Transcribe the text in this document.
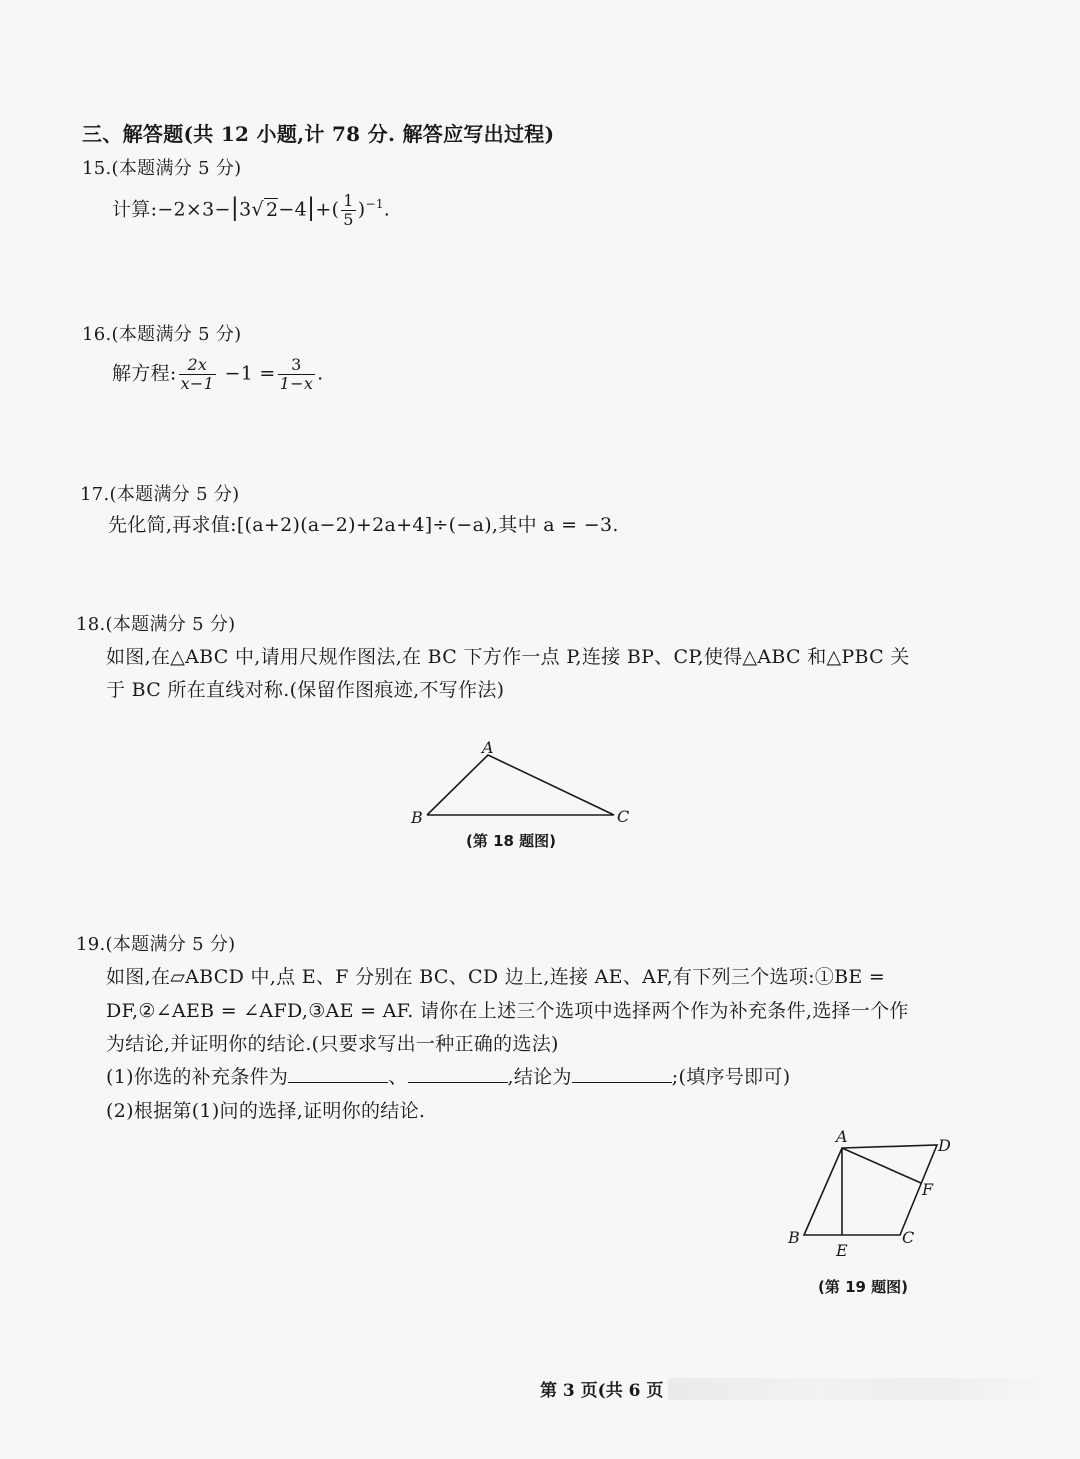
三、解答题(共 12 小题,计 78 分. 解答应写出过程)
15.(本题满分 5 分)
计算:−2×3−|3√ $2-4|+( \frac{1}{5} )^{-1}$.
16.(本题满分 5 分)
解方程: $\frac{2x}{x-1} -1 = \frac{3}{1-x}$ .
17.(本题满分 5 分)
先化简,再求值:[(a+2)(a−2)+2a+4]÷(−a),其中 a = −3.
18.(本题满分 5 分)
如图,在△ABC 中,请用尺规作图法,在 BC 下方作一点 P,连接 BP、CP,使得△ABC 和△PBC 关
于 BC 所在直线对称.(保留作图痕迹,不写作法)
A
B	C
(第 18 题图)
19.(本题满分 5 分)
如图,在▱ABCD 中,点 E、F 分别在 BC、CD 边上,连接 AE、AF,有下列三个选项:①BE =
DF,②∠AEB = ∠AFD,③AE = AF. 请你在上述三个选项中选择两个作为补充条件,选择一个作
为结论,并证明你的结论.(只要求写出一种正确的选法)
(1)你选的补充条件为	、	,结论为	;(填序号即可)
(2)根据第(1)问的选择,证明你的结论.
A
B	C
D
E
F
(第 19 题图)
第 3 页(共 6 页
